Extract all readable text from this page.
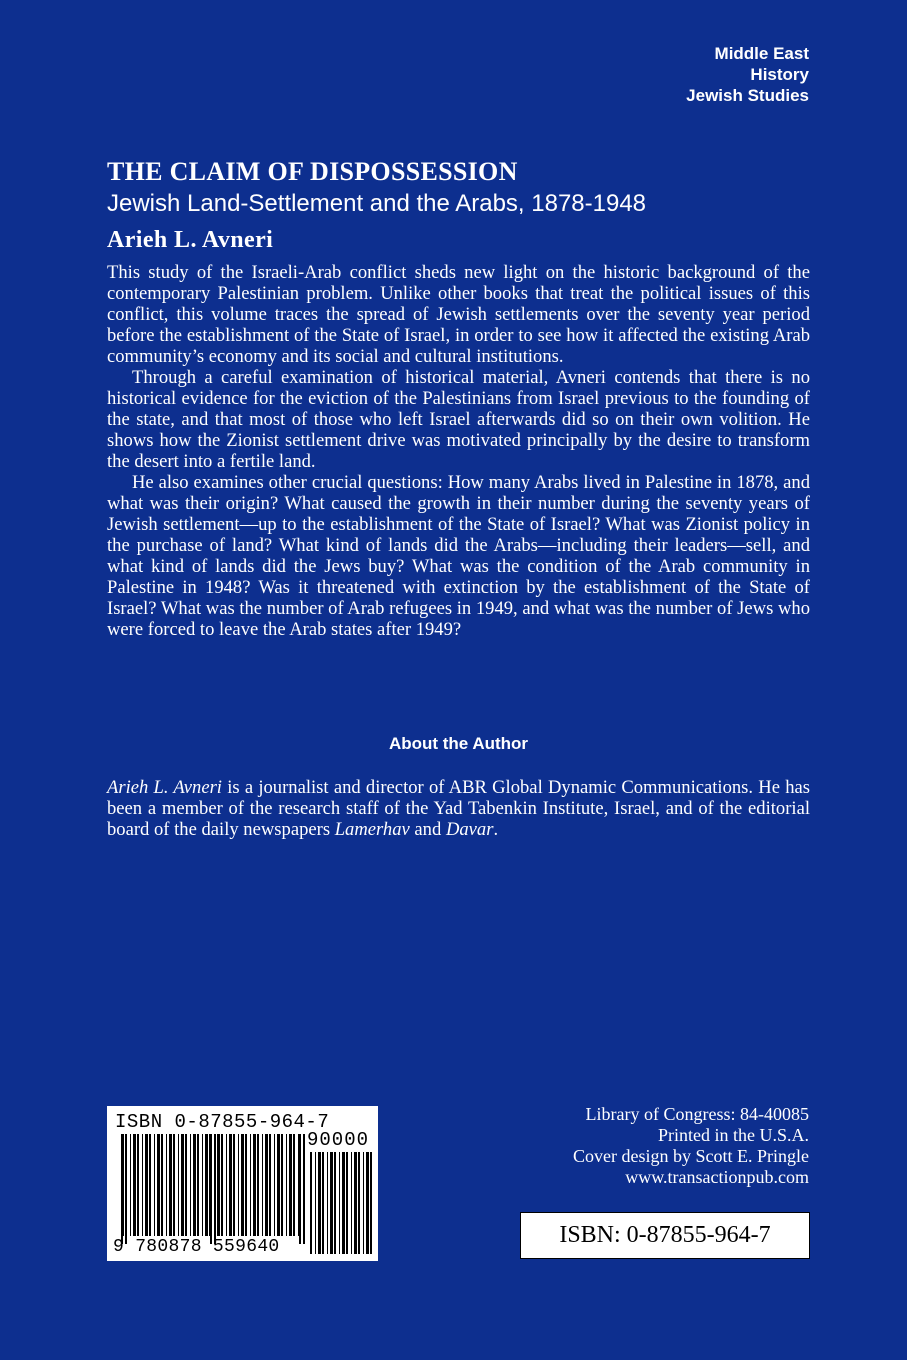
Middle East
History
Jewish Studies
THE CLAIM OF DISPOSSESSION
Jewish Land-Settlement and the Arabs, 1878-1948
Arieh L. Avneri

This study of the Israeli-Arab conflict sheds new light on the historic background of the contemporary Palestinian problem. Unlike other books that treat the political issues of this conflict, this volume traces the spread of Jewish settlements over the seventy year period before the establishment of the State of Israel, in order to see how it affected the existing Arab community’s economy and its social and cultural institutions.

Through a careful examination of historical material, Avneri contends that there is no historical evidence for the eviction of the Palestinians from Israel previous to the founding of the state, and that most of those who left Israel afterwards did so on their own volition. He shows how the Zionist settlement drive was motivated principally by the desire to transform the desert into a fertile land.

He also examines other crucial questions: How many Arabs lived in Palestine in 1878, and what was their origin? What caused the growth in their number during the seventy years of Jewish settlement—up to the establishment of the State of Israel? What was Zionist policy in the purchase of land? What kind of lands did the Arabs—including their leaders—sell, and what kind of lands did the Jews buy? What was the condition of the Arab community in Palestine in 1948? Was it threatened with extinction by the establishment of the State of Israel? What was the number of Arab refugees in 1949, and what was the number of Jews who were forced to leave the Arab states after 1949?

About the Author

Arieh L. Avneri is a journalist and director of ABR Global Dynamic Communications. He has been a member of the research staff of the Yad Tabenkin Institute, Israel, and of the editorial board of the daily newspapers Lamerhav and Davar.

ISBN 0-87855-964-7
90000
9 780878 559640
Library of Congress: 84-40085
Printed in the U.S.A.
Cover design by Scott E. Pringle
www.transactionpub.com
ISBN: 0-87855-964-7
